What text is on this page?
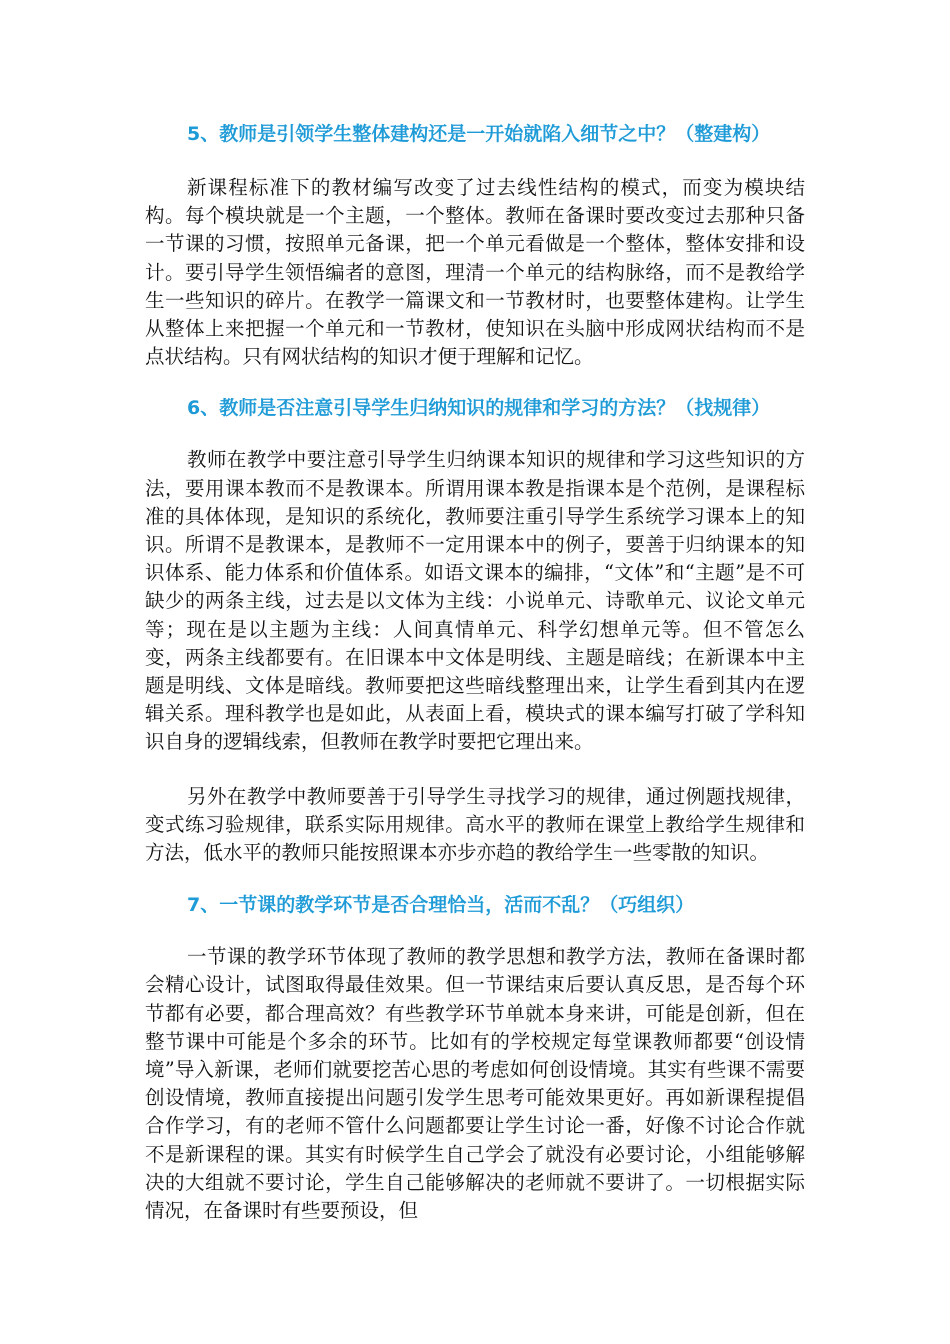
5、教师是引领学生整体建构还是一开始就陷入细节之中？（整建构）

新课程标准下的教材编写改变了过去线性结构的模式，而变为模块结构。每个模块就是一个主题，一个整体。教师在备课时要改变过去那种只备一节课的习惯，按照单元备课，把一个单元看做是一个整体，整体安排和设计。要引导学生领悟编者的意图，理清一个单元的结构脉络，而不是教给学生一些知识的碎片。在教学一篇课文和一节教材时，也要整体建构。让学生从整体上来把握一个单元和一节教材，使知识在头脑中形成网状结构而不是点状结构。只有网状结构的知识才便于理解和记忆。

6、教师是否注意引导学生归纳知识的规律和学习的方法？（找规律）

教师在教学中要注意引导学生归纳课本知识的规律和学习这些知识的方法，要用课本教而不是教课本。所谓用课本教是指课本是个范例，是课程标准的具体体现，是知识的系统化，教师要注重引导学生系统学习课本上的知识。所谓不是教课本，是教师不一定用课本中的例子，要善于归纳课本的知识体系、能力体系和价值体系。如语文课本的编排，“文体”和“主题”是不可缺少的两条主线，过去是以文体为主线：小说单元、诗歌单元、议论文单元等；现在是以主题为主线：人间真情单元、科学幻想单元等。但不管怎么变，两条主线都要有。在旧课本中文体是明线、主题是暗线；在新课本中主题是明线、文体是暗线。教师要把这些暗线整理出来，让学生看到其内在逻辑关系。理科教学也是如此，从表面上看，模块式的课本编写打破了学科知识自身的逻辑线索，但教师在教学时要把它理出来。

另外在教学中教师要善于引导学生寻找学习的规律，通过例题找规律，变式练习验规律，联系实际用规律。高水平的教师在课堂上教给学生规律和方法，低水平的教师只能按照课本亦步亦趋的教给学生一些零散的知识。

7、一节课的教学环节是否合理恰当，活而不乱？（巧组织）

一节课的教学环节体现了教师的教学思想和教学方法，教师在备课时都会精心设计，试图取得最佳效果。但一节课结束后要认真反思，是否每个环节都有必要，都合理高效？有些教学环节单就本身来讲，可能是创新，但在整节课中可能是个多余的环节。比如有的学校规定每堂课教师都要“创设情境”导入新课，老师们就要挖苦心思的考虑如何创设情境。其实有些课不需要创设情境，教师直接提出问题引发学生思考可能效果更好。再如新课程提倡合作学习，有的老师不管什么问题都要让学生讨论一番，好像不讨论合作就不是新课程的课。其实有时候学生自己学会了就没有必要讨论，小组能够解决的大组就不要讨论，学生自己能够解决的老师就不要讲了。一切根据实际情况，在备课时有些要预设，但
